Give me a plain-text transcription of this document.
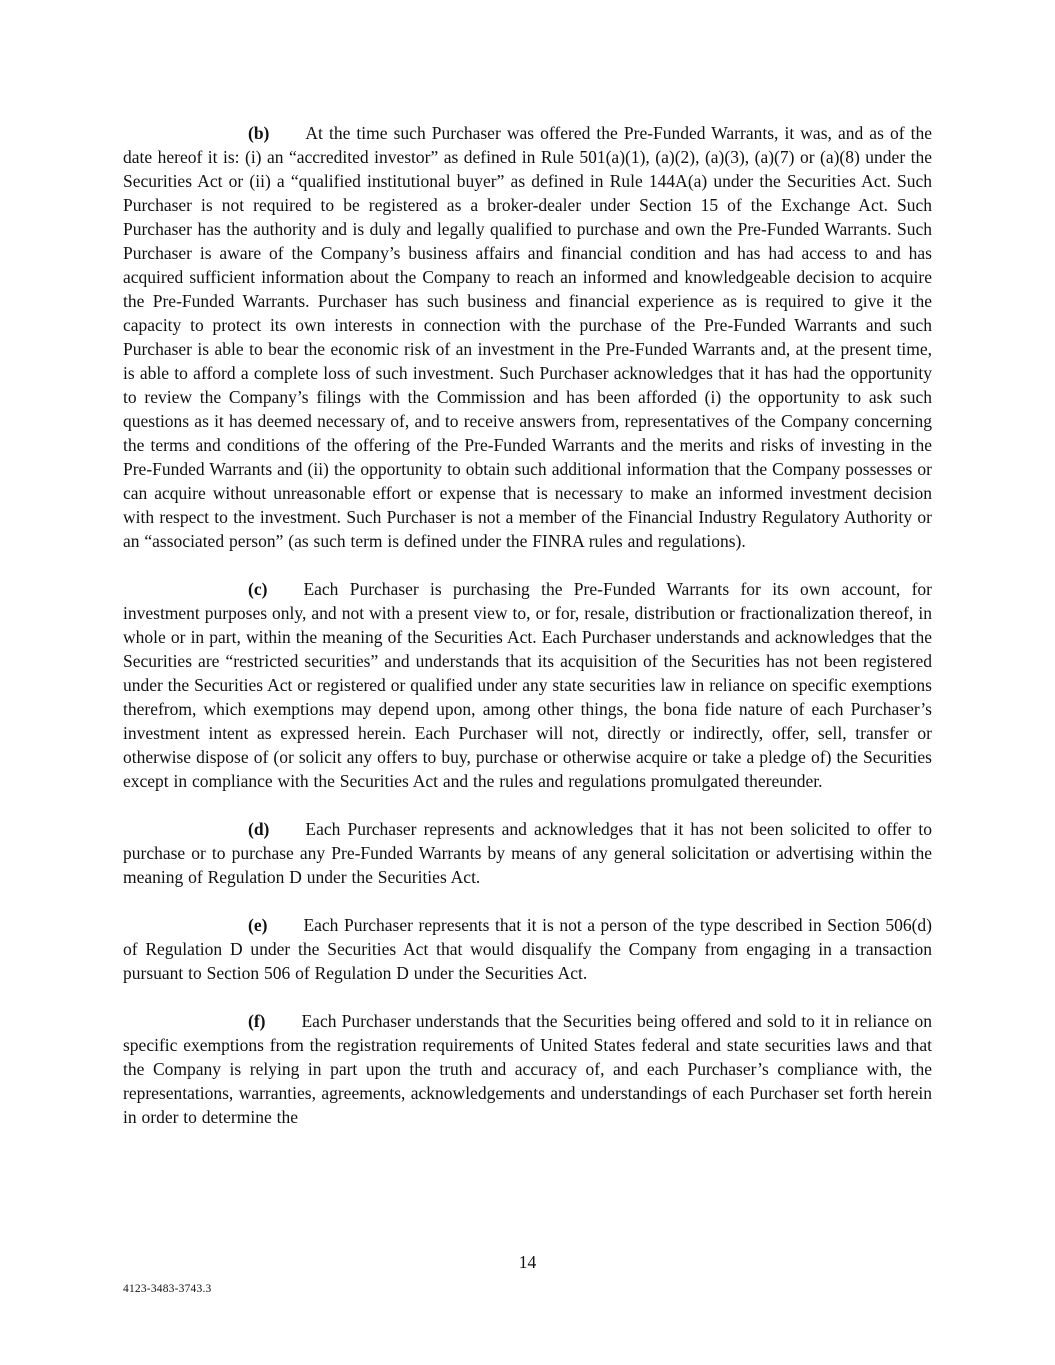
(b) At the time such Purchaser was offered the Pre-Funded Warrants, it was, and as of the date hereof it is: (i) an “accredited investor” as defined in Rule 501(a)(1), (a)(2), (a)(3), (a)(7) or (a)(8) under the Securities Act or (ii) a “qualified institutional buyer” as defined in Rule 144A(a) under the Securities Act. Such Purchaser is not required to be registered as a broker-dealer under Section 15 of the Exchange Act. Such Purchaser has the authority and is duly and legally qualified to purchase and own the Pre-Funded Warrants. Such Purchaser is aware of the Company’s business affairs and financial condition and has had access to and has acquired sufficient information about the Company to reach an informed and knowledgeable decision to acquire the Pre-Funded Warrants. Purchaser has such business and financial experience as is required to give it the capacity to protect its own interests in connection with the purchase of the Pre-Funded Warrants and such Purchaser is able to bear the economic risk of an investment in the Pre-Funded Warrants and, at the present time, is able to afford a complete loss of such investment. Such Purchaser acknowledges that it has had the opportunity to review the Company’s filings with the Commission and has been afforded (i) the opportunity to ask such questions as it has deemed necessary of, and to receive answers from, representatives of the Company concerning the terms and conditions of the offering of the Pre-Funded Warrants and the merits and risks of investing in the Pre-Funded Warrants and (ii) the opportunity to obtain such additional information that the Company possesses or can acquire without unreasonable effort or expense that is necessary to make an informed investment decision with respect to the investment. Such Purchaser is not a member of the Financial Industry Regulatory Authority or an “associated person” (as such term is defined under the FINRA rules and regulations).

(c) Each Purchaser is purchasing the Pre-Funded Warrants for its own account, for investment purposes only, and not with a present view to, or for, resale, distribution or fractionalization thereof, in whole or in part, within the meaning of the Securities Act. Each Purchaser understands and acknowledges that the Securities are “restricted securities” and understands that its acquisition of the Securities has not been registered under the Securities Act or registered or qualified under any state securities law in reliance on specific exemptions therefrom, which exemptions may depend upon, among other things, the bona fide nature of each Purchaser’s investment intent as expressed herein. Each Purchaser will not, directly or indirectly, offer, sell, transfer or otherwise dispose of (or solicit any offers to buy, purchase or otherwise acquire or take a pledge of) the Securities except in compliance with the Securities Act and the rules and regulations promulgated thereunder.

(d) Each Purchaser represents and acknowledges that it has not been solicited to offer to purchase or to purchase any Pre-Funded Warrants by means of any general solicitation or advertising within the meaning of Regulation D under the Securities Act.

(e) Each Purchaser represents that it is not a person of the type described in Section 506(d) of Regulation D under the Securities Act that would disqualify the Company from engaging in a transaction pursuant to Section 506 of Regulation D under the Securities Act.

(f) Each Purchaser understands that the Securities being offered and sold to it in reliance on specific exemptions from the registration requirements of United States federal and state securities laws and that the Company is relying in part upon the truth and accuracy of, and each Purchaser’s compliance with, the representations, warranties, agreements, acknowledgements and understandings of each Purchaser set forth herein in order to determine the

14
4123-3483-3743.3
